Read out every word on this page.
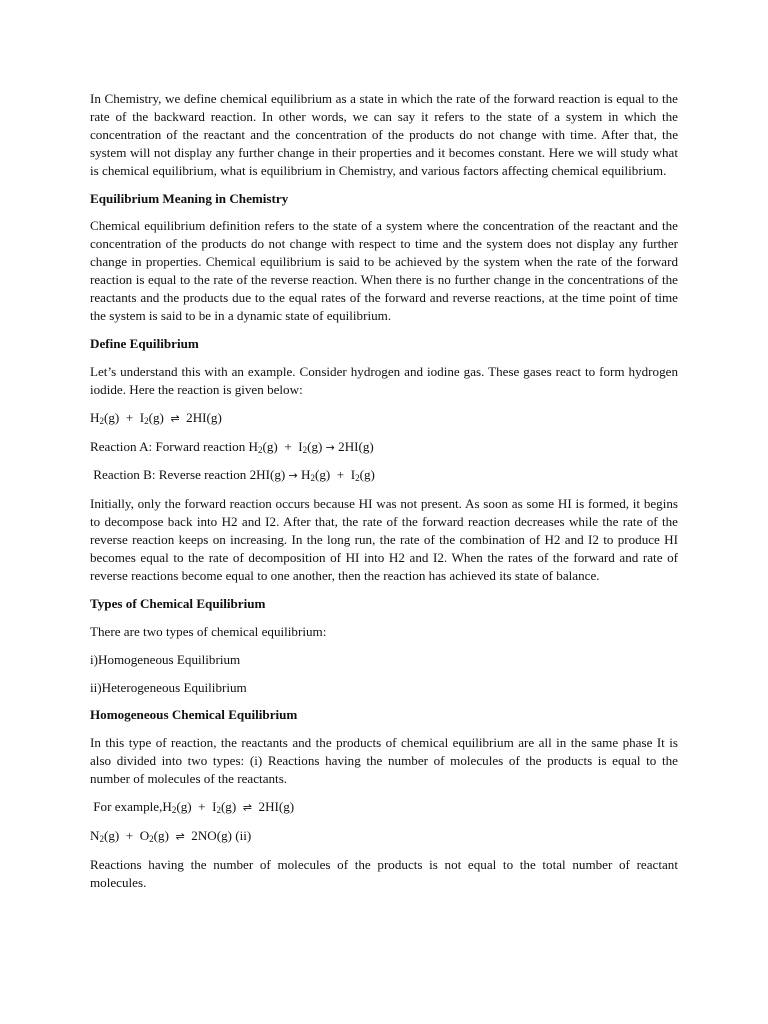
In Chemistry, we define chemical equilibrium as a state in which the rate of the forward reaction is equal to the rate of the backward reaction. In other words, we can say it refers to the state of a system in which the concentration of the reactant and the concentration of the products do not change with time. After that, the system will not display any further change in their properties and it becomes constant. Here we will study what is chemical equilibrium, what is equilibrium in Chemistry, and various factors affecting chemical equilibrium.

Equilibrium Meaning in Chemistry

Chemical equilibrium definition refers to the state of a system where the concentration of the reactant and the concentration of the products do not change with respect to time and the system does not display any further change in properties. Chemical equilibrium is said to be achieved by the system when the rate of the forward reaction is equal to the rate of the reverse reaction. When there is no further change in the concentrations of the reactants and the products due to the equal rates of the forward and reverse reactions, at the time point of time the system is said to be in a dynamic state of equilibrium.

Define Equilibrium

Let’s understand this with an example. Consider hydrogen and iodine gas. These gases react to form hydrogen iodide. Here the reaction is given below:

$H_2(g) + I_2(g)$  ⇌  2HI(g)

Reaction A: Forward reaction $H_2(g) + I_2(g) \to 2HI(g)$

Reaction B: Reverse reaction $2HI(g) \to H_2(g) + I_2(g)$

Initially, only the forward reaction occurs because HI was not present. As soon as some HI is formed, it begins to decompose back into H2 and I2. After that, the rate of the forward reaction decreases while the rate of the reverse reaction keeps on increasing. In the long run, the rate of the combination of H2 and I2 to produce HI becomes equal to the rate of decomposition of HI into H2 and I2. When the rates of the forward and rate of reverse reactions become equal to one another, then the reaction has achieved its state of balance.

Types of Chemical Equilibrium

There are two types of chemical equilibrium:

i)Homogeneous Equilibrium

ii)Heterogeneous Equilibrium

Homogeneous Chemical Equilibrium

In this type of reaction, the reactants and the products of chemical equilibrium are all in the same phase It is also divided into two types: (i) Reactions having the number of molecules of the products is equal to the number of molecules of the reactants.

For $example,H_2(g) + I_2(g)$  ⇌  2HI(g)

$N_2(g) + O_2(g)$  ⇌  2NO(g) (ii)

Reactions having the number of molecules of the products is not equal to the total number of reactant molecules.
